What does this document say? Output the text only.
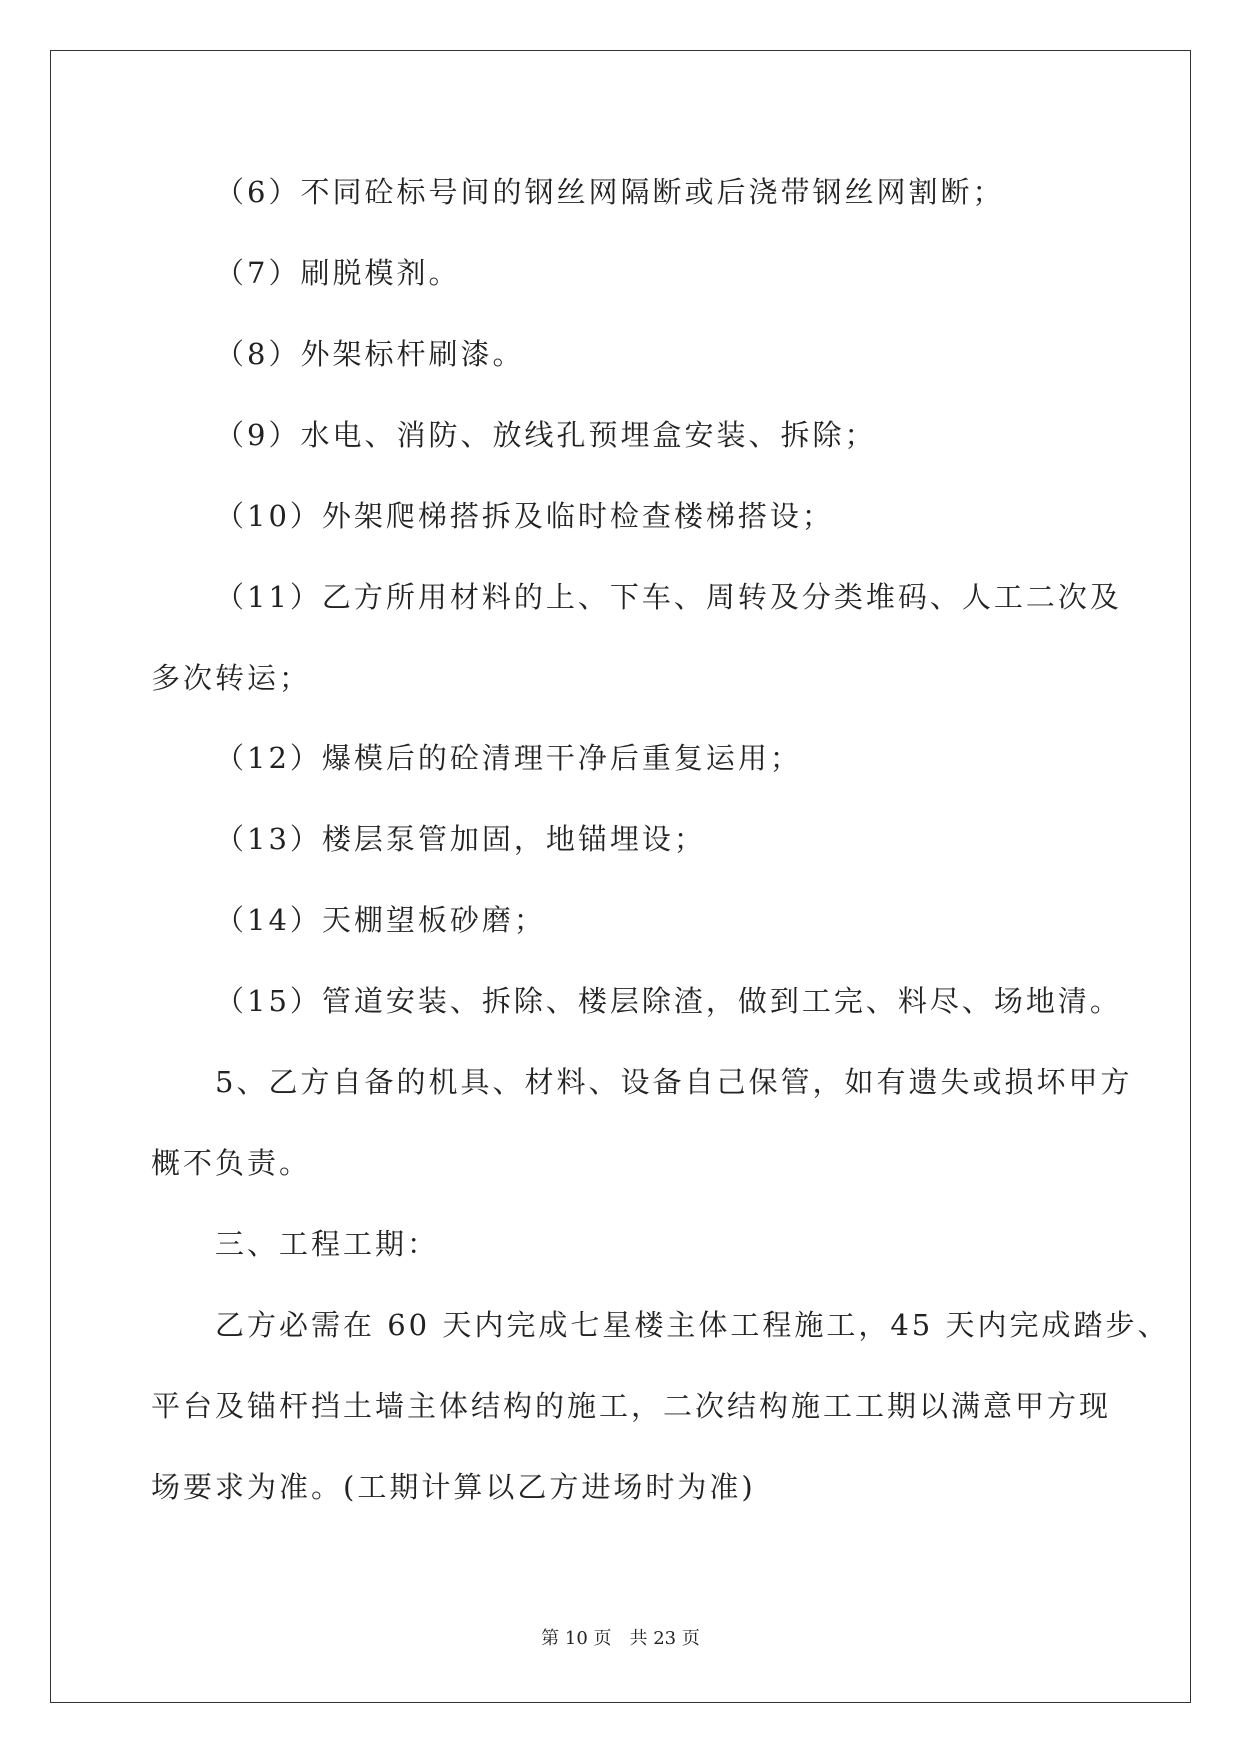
（6）不同砼标号间的钢丝网隔断或后浇带钢丝网割断；

（7）刷脱模剂。

（8）外架标杆刷漆。

（9）水电、消防、放线孔预埋盒安装、拆除；

（10）外架爬梯搭拆及临时检查楼梯搭设；

（11）乙方所用材料的上、下车、周转及分类堆码、人工二次及

多次转运；

（12）爆模后的砼清理干净后重复运用；

（13）楼层泵管加固，地锚埋设；

（14）天棚望板砂磨；

（15）管道安装、拆除、楼层除渣，做到工完、料尽、场地清。

5、乙方自备的机具、材料、设备自己保管，如有遗失或损坏甲方

概不负责。

三、工程工期：

乙方必需在 60 天内完成七星楼主体工程施工，45 天内完成踏步、

平台及锚杆挡土墙主体结构的施工，二次结构施工工期以满意甲方现

场要求为准。(工期计算以乙方进场时为准)

第 10 页　共 23 页
